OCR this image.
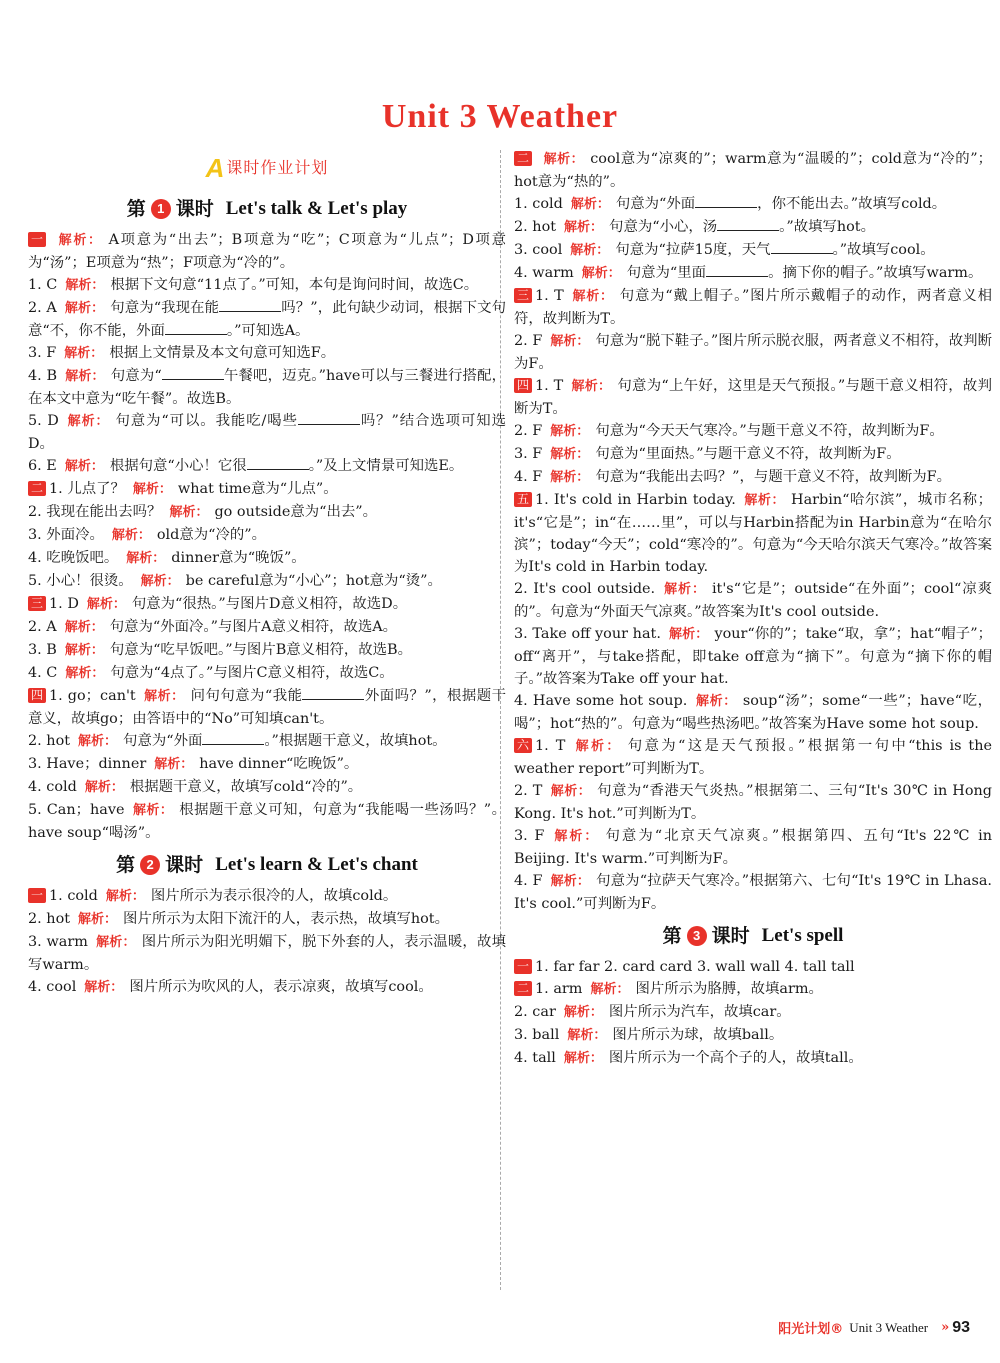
Unit 3 Weather
A 课时作业计划
第 1 课时 Let's talk & Let's play

一 解析： A项意为“出去”；B项意为“吃”；C项意为“儿点”；D项意为“汤”；E项意为“热”；F项意为“冷的”。

1. C 解析： 根据下文句意“11点了。”可知，本句是询问时间，故选C。

2. A 解析： 句意为“我现在能	吗？”，此句缺少动词，根据下文句意“不，你不能，外面	。”可知选A。

3. F 解析： 根据上文情景及本文句意可知选F。

4. B 解析： 句意为“	午餐吧，迈克。”have可以与三餐进行搭配，在本文中意为“吃午餐”。故选B。

5. D 解析： 句意为“可以。我能吃/喝些	吗？”结合选项可知选D。

6. E 解析： 根据句意“小心！它很	。”及上文情景可知选E。

二 1. 儿点了？ 解析： what time意为“儿点”。

2. 我现在能出去吗？ 解析： go outside意为“出去”。

3. 外面冷。 解析： old意为“冷的”。

4. 吃晚饭吧。 解析： dinner意为“晚饭”。

5. 小心！很烫。 解析： be careful意为“小心”；hot意为“烫”。

三 1. D 解析： 句意为“很热。”与图片D意义相符，故选D。

2. A 解析： 句意为“外面冷。”与图片A意义相符，故选A。

3. B 解析： 句意为“吃早饭吧。”与图片B意义相符，故选B。

4. C 解析： 句意为“4点了。”与图片C意义相符，故选C。

四 1. go；can't 解析： 问句句意为“我能	外面吗？”，根据题干意义，故填go；由答语中的“No”可知填can't。

2. hot 解析： 句意为“外面	。”根据题干意义，故填hot。

3. Have；dinner 解析： have dinner“吃晚饭”。

4. cold 解析： 根据题干意义，故填写cold“冷的”。

5. Can；have 解析： 根据题干意义可知，句意为“我能喝一些汤吗？”。have soup“喝汤”。

第 2 课时 Let's learn & Let's chant

一 1. cold 解析： 图片所示为表示很冷的人，故填cold。

2. hot 解析： 图片所示为太阳下流汗的人，表示热，故填写hot。

3. warm 解析： 图片所示为阳光明媚下，脱下外套的人，表示温暖，故填写warm。

4. cool 解析： 图片所示为吹风的人，表示凉爽，故填写cool。

二 解析： cool意为“凉爽的”；warm意为“温暖的”；cold意为“冷的”；hot意为“热的”。

1. cold 解析： 句意为“外面	，你不能出去。”故填写cold。

2. hot 解析： 句意为“小心，汤	。”故填写hot。

3. cool 解析： 句意为“拉萨15度，天气	。”故填写cool。

4. warm 解析： 句意为“里面	。摘下你的帽子。”故填写warm。

三 1. T 解析： 句意为“戴上帽子。”图片所示戴帽子的动作，两者意义相符，故判断为T。

2. F 解析： 句意为“脱下鞋子。”图片所示脱衣服，两者意义不相符，故判断为F。

四 1. T 解析： 句意为“上午好，这里是天气预报。”与题干意义相符，故判断为T。

2. F 解析： 句意为“今天天气寒冷。”与题干意义不符，故判断为F。

3. F 解析： 句意为“里面热。”与题干意义不符，故判断为F。

4. F 解析： 句意为“我能出去吗？”，与题干意义不符，故判断为F。

五 1. It's cold in Harbin today. 解析： Harbin“哈尔滨”，城市名称；it's“它是”；in“在……里”，可以与Harbin搭配为in Harbin意为“在哈尔滨”；today“今天”；cold“寒冷的”。句意为“今天哈尔滨天气寒冷。”故答案为It's cold in Harbin today.

2. It's cool outside. 解析： it's“它是”；outside“在外面”；cool“凉爽的”。句意为“外面天气凉爽。”故答案为It's cool outside.

3. Take off your hat. 解析： your“你的”；take“取，拿”；hat“帽子”；off“离开”，与take搭配，即take off意为“摘下”。句意为“摘下你的帽子。”故答案为Take off your hat.

4. Have some hot soup. 解析： soup“汤”；some“一些”；have“吃，喝”；hot“热的”。句意为“喝些热汤吧。”故答案为Have some hot soup.

六 1. T 解析： 句意为“这是天气预报。”根据第一句中“this is the weather report”可判断为T。

2. T 解析： 句意为“香港天气炎热。”根据第二、三句“It's 30℃ in Hong Kong. It's hot.”可判断为T。

3. F 解析： 句意为“北京天气凉爽。”根据第四、五句“It's 22℃ in Beijing. It's warm.”可判断为F。

4. F 解析： 句意为“拉萨天气寒冷。”根据第六、七句“It's 19℃ in Lhasa. It's cool.”可判断为F。

第 3 课时 Let's spell

一 1. far far 2. card card 3. wall wall 4. tall tall

二 1. arm 解析： 图片所示为胳膊，故填arm。

2. car 解析： 图片所示为汽车，故填car。

3. ball 解析： 图片所示为球，故填ball。

4. tall 解析： 图片所示为一个高个子的人，故填tall。

阳光计划® Unit 3 Weather » 93
